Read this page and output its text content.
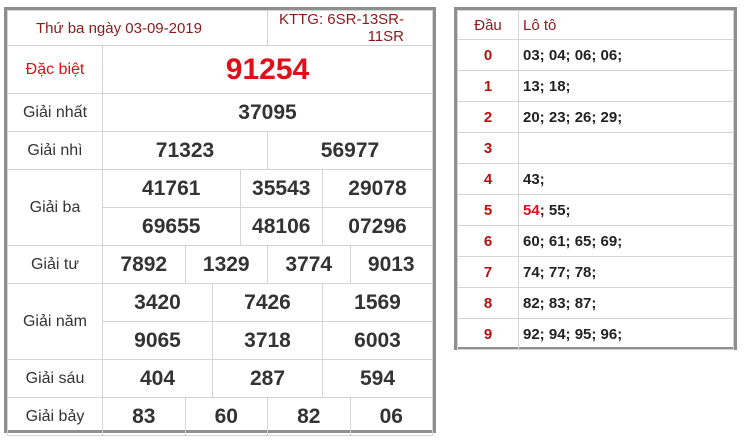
Thứ ba ngày 03-09-2019					KTTG: 6SR-13SR-11SR		
Đặc biệt	91254						
Giải nhất	37095						
Giải nhì	71323				56977		
Giải ba	41761			35543		29078	
	69655			48106		07296	
Giải tư	7892	1329			3774		9013
Giải năm	3420		7426			1569	
	9065		3718			6003	
Giải sáu	404		287			594	
Giải bảy	83	60			82		06
Đầu	Lô tô
0	03; 04; 06; 06;
1	13; 18;
2	20; 23; 26; 29;
3	
4	43;
5	54; 55;
6	60; 61; 65; 69;
7	74; 77; 78;
8	82; 83; 87;
9	92; 94; 95; 96;
